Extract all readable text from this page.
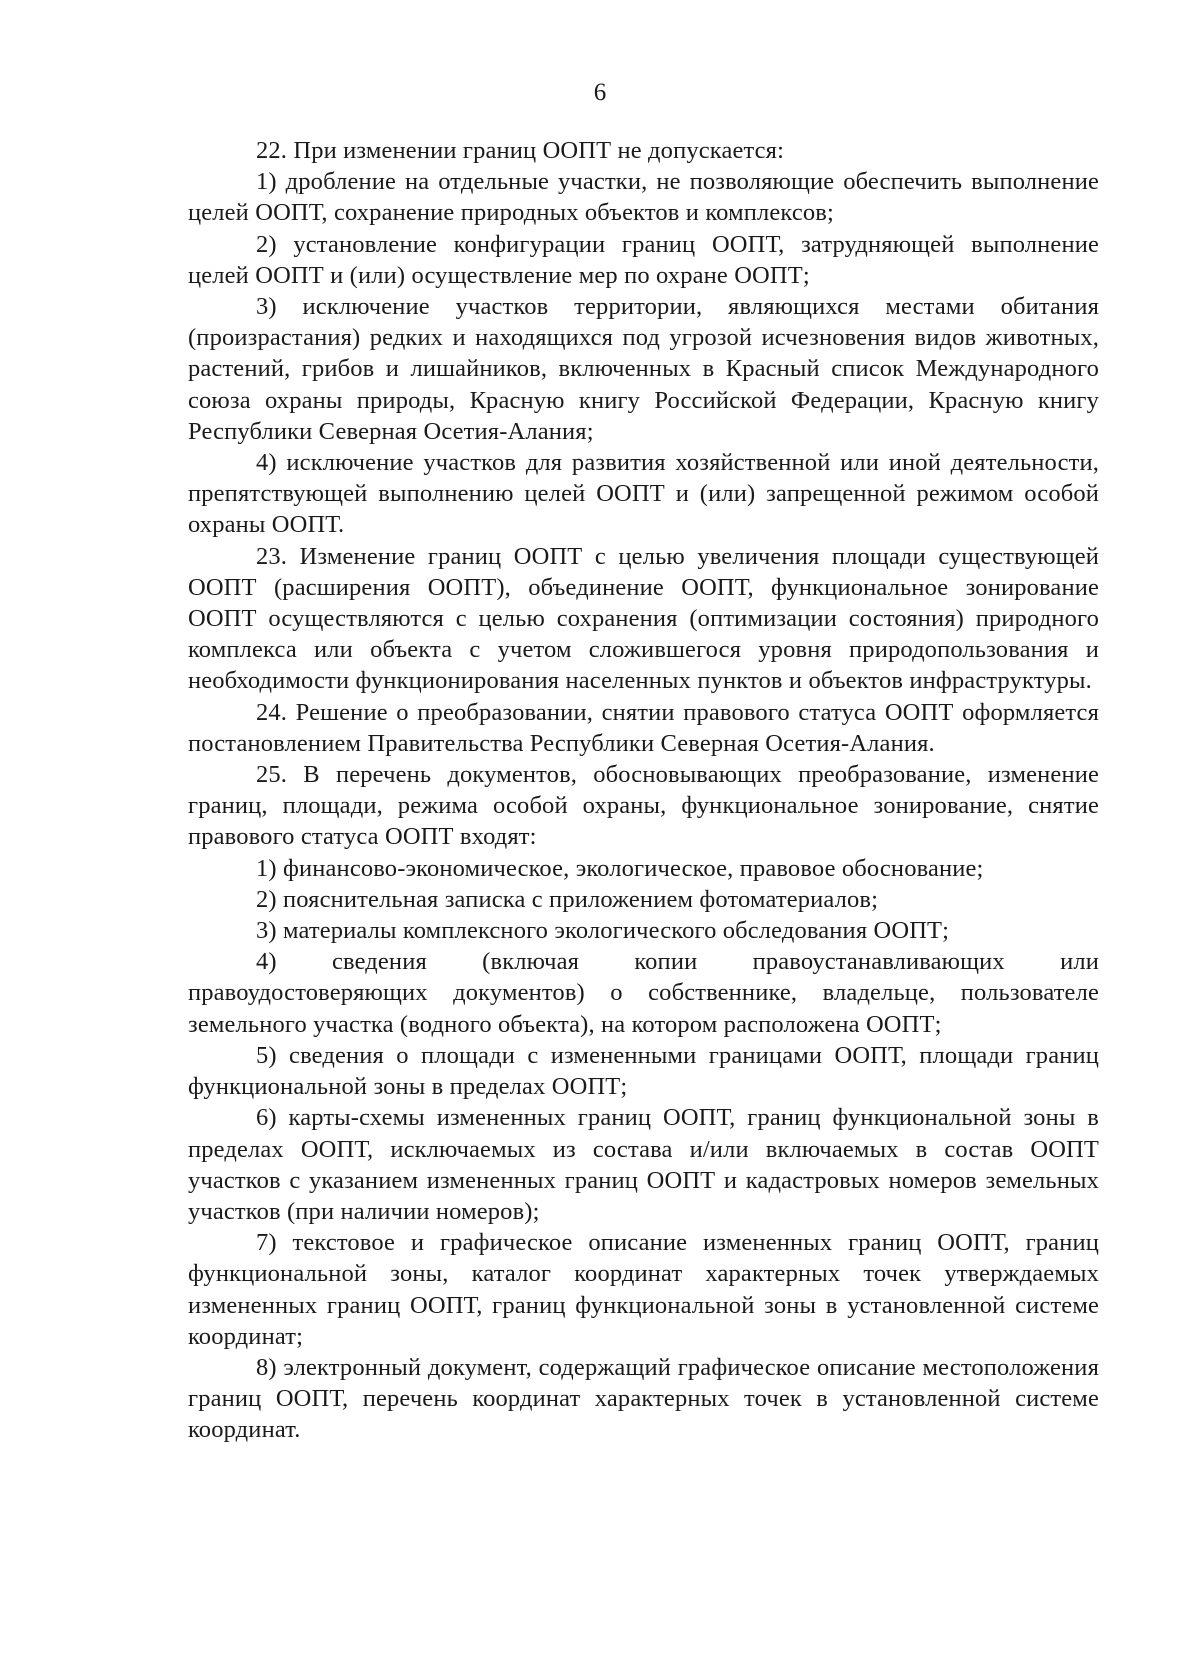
6

22. При изменении границ ООПТ не допускается:

1) дробление на отдельные участки, не позволяющие обеспечить выполнение целей ООПТ, сохранение природных объектов и комплексов;

2) установление конфигурации границ ООПТ, затрудняющей выполнение целей ООПТ и (или) осуществление мер по охране ООПТ;

3) исключение участков территории, являющихся местами обитания (произрастания) редких и находящихся под угрозой исчезновения видов животных, растений, грибов и лишайников, включенных в Красный список Международного союза охраны природы, Красную книгу Российской Федерации, Красную книгу Республики Северная Осетия-Алания;

4) исключение участков для развития хозяйственной или иной деятельности, препятствующей выполнению целей ООПТ и (или) запрещенной режимом особой охраны ООПТ.

23. Изменение границ ООПТ с целью увеличения площади существующей ООПТ (расширения ООПТ), объединение ООПТ, функциональное зонирование ООПТ осуществляются с целью сохранения (оптимизации состояния) природного комплекса или объекта с учетом сложившегося уровня природопользования и необходимости функционирования населенных пунктов и объектов инфраструктуры.

24. Решение о преобразовании, снятии правового статуса ООПТ оформляется постановлением Правительства Республики Северная Осетия-Алания.

25. В перечень документов, обосновывающих преобразование, изменение границ, площади, режима особой охраны, функциональное зонирование, снятие правового статуса ООПТ входят:

1) финансово-экономическое, экологическое, правовое обоснование;

2) пояснительная записка с приложением фотоматериалов;

3) материалы комплексного экологического обследования ООПТ;

4) сведения (включая копии правоустанавливающих или правоудостоверяющих документов) о собственнике, владельце, пользователе земельного участка (водного объекта), на котором расположена ООПТ;

5) сведения о площади с измененными границами ООПТ, площади границ функциональной зоны в пределах ООПТ;

6) карты-схемы измененных границ ООПТ, границ функциональной зоны в пределах ООПТ, исключаемых из состава и/или включаемых в состав ООПТ участков с указанием измененных границ ООПТ и кадастровых номеров земельных участков (при наличии номеров);

7) текстовое и графическое описание измененных границ ООПТ, границ функциональной зоны, каталог координат характерных точек утверждаемых измененных границ ООПТ, границ функциональной зоны в установленной системе координат;

8) электронный документ, содержащий графическое описание местоположения границ ООПТ, перечень координат характерных точек в установленной системе координат.
